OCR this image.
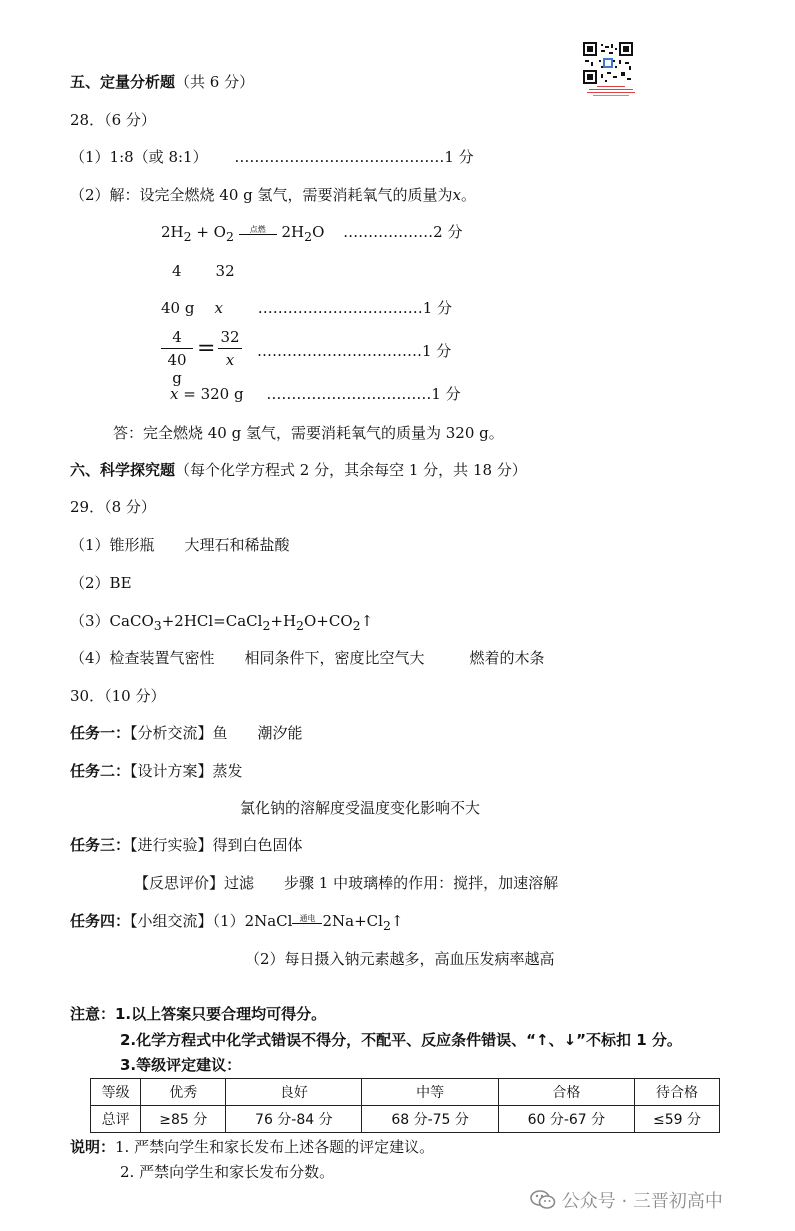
五、定量分析题（共 6 分）
28．（6 分）
（1）1:8（或 8:1） ……………………………………1 分
（2）解：设完全燃烧 40 g 氢气，需要消耗氧气的质量为x。
$2H_2 + O_2$	点燃 $2H_2O$ ………………2 分
4 32
40 g x ……………………………1 分
4
40 g
= 32
x	……………………………1 分
x = 320 g ……………………………1 分
答：完全燃烧 40 g 氢气，需要消耗氧气的质量为 320 g。
六、科学探究题（每个化学方程式 2 分，其余每空 1 分，共 18 分）
29．（8 分）
（1）锥形瓶　　大理石和稀盐酸
（2）BE
$(3)CaCO_3+2HCl=CaCl_2+H_2O+CO_2↑$
（4）检查装置气密性　　相同条件下，密度比空气大　　　燃着的木条
30．（10 分）
任务一：【分析交流】鱼　　潮汐能
任务二：【设计方案】蒸发
氯化钠的溶解度受温度变化影响不大
任务三：【进行实验】得到白色固体
【反思评价】过滤　　步骤 1 中玻璃棒的作用：搅拌，加速溶解
任务四：【小组交流】（1）2NaCl 通电 $2Na+Cl_2↑$
（2）每日摄入钠元素越多，高血压发病率越高
注意：1.以上答案只要合理均可得分。
2.化学方程式中化学式错误不得分，不配平、反应条件错误、“↑、↓”不标扣 1 分。
3.等级评定建议：
等级	优秀	良好	中等	合格	待合格
总评	≥85 分	76 分-84 分	68 分-75 分	60 分-67 分	≤59 分
说明：1. 严禁向学生和家长发布上述各题的评定建议。
2. 严禁向学生和家长发布分数。
公众号 · 三晋初高中
